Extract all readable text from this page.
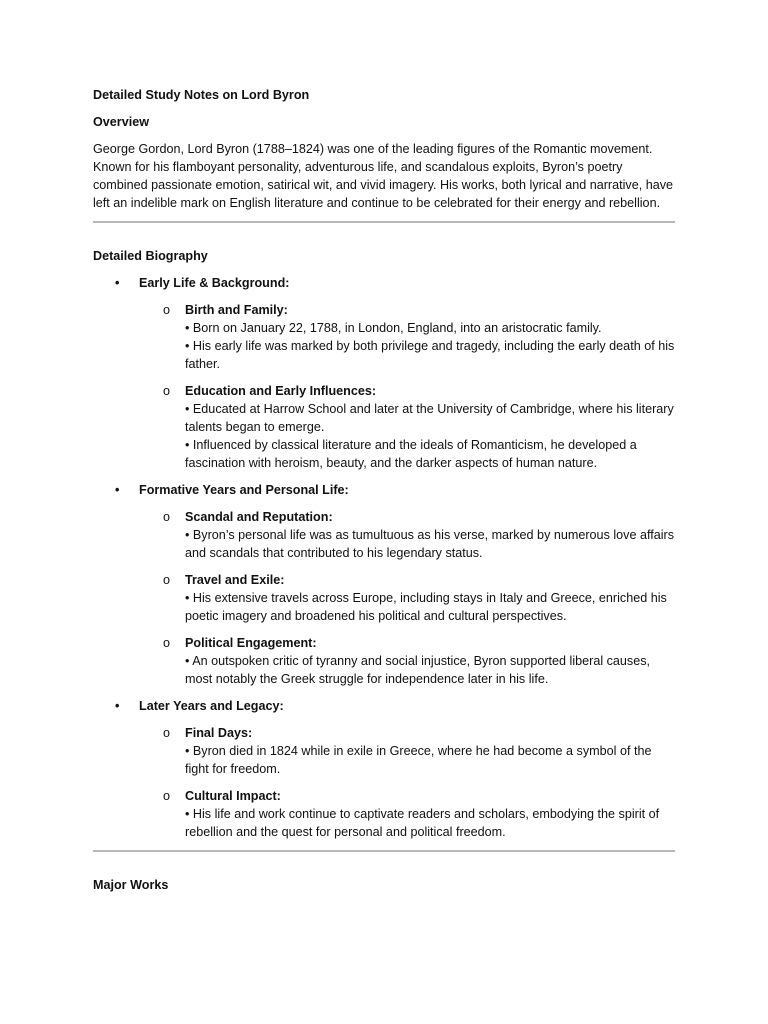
Detailed Study Notes on Lord Byron
Overview
George Gordon, Lord Byron (1788–1824) was one of the leading figures of the Romantic movement. Known for his flamboyant personality, adventurous life, and scandalous exploits, Byron’s poetry combined passionate emotion, satirical wit, and vivid imagery. His works, both lyrical and narrative, have left an indelible mark on English literature and continue to be celebrated for their energy and rebellion.
Detailed Biography
• Early Life & Background:
o Birth and Family:
• Born on January 22, 1788, in London, England, into an aristocratic family.
• His early life was marked by both privilege and tragedy, including the early death of his father.
o Education and Early Influences:
• Educated at Harrow School and later at the University of Cambridge, where his literary talents began to emerge.
• Influenced by classical literature and the ideals of Romanticism, he developed a fascination with heroism, beauty, and the darker aspects of human nature.
• Formative Years and Personal Life:
o Scandal and Reputation:
• Byron’s personal life was as tumultuous as his verse, marked by numerous love affairs and scandals that contributed to his legendary status.
o Travel and Exile:
• His extensive travels across Europe, including stays in Italy and Greece, enriched his poetic imagery and broadened his political and cultural perspectives.
o Political Engagement:
• An outspoken critic of tyranny and social injustice, Byron supported liberal causes, most notably the Greek struggle for independence later in his life.
• Later Years and Legacy:
o Final Days:
• Byron died in 1824 while in exile in Greece, where he had become a symbol of the fight for freedom.
o Cultural Impact:
• His life and work continue to captivate readers and scholars, embodying the spirit of rebellion and the quest for personal and political freedom.
Major Works
